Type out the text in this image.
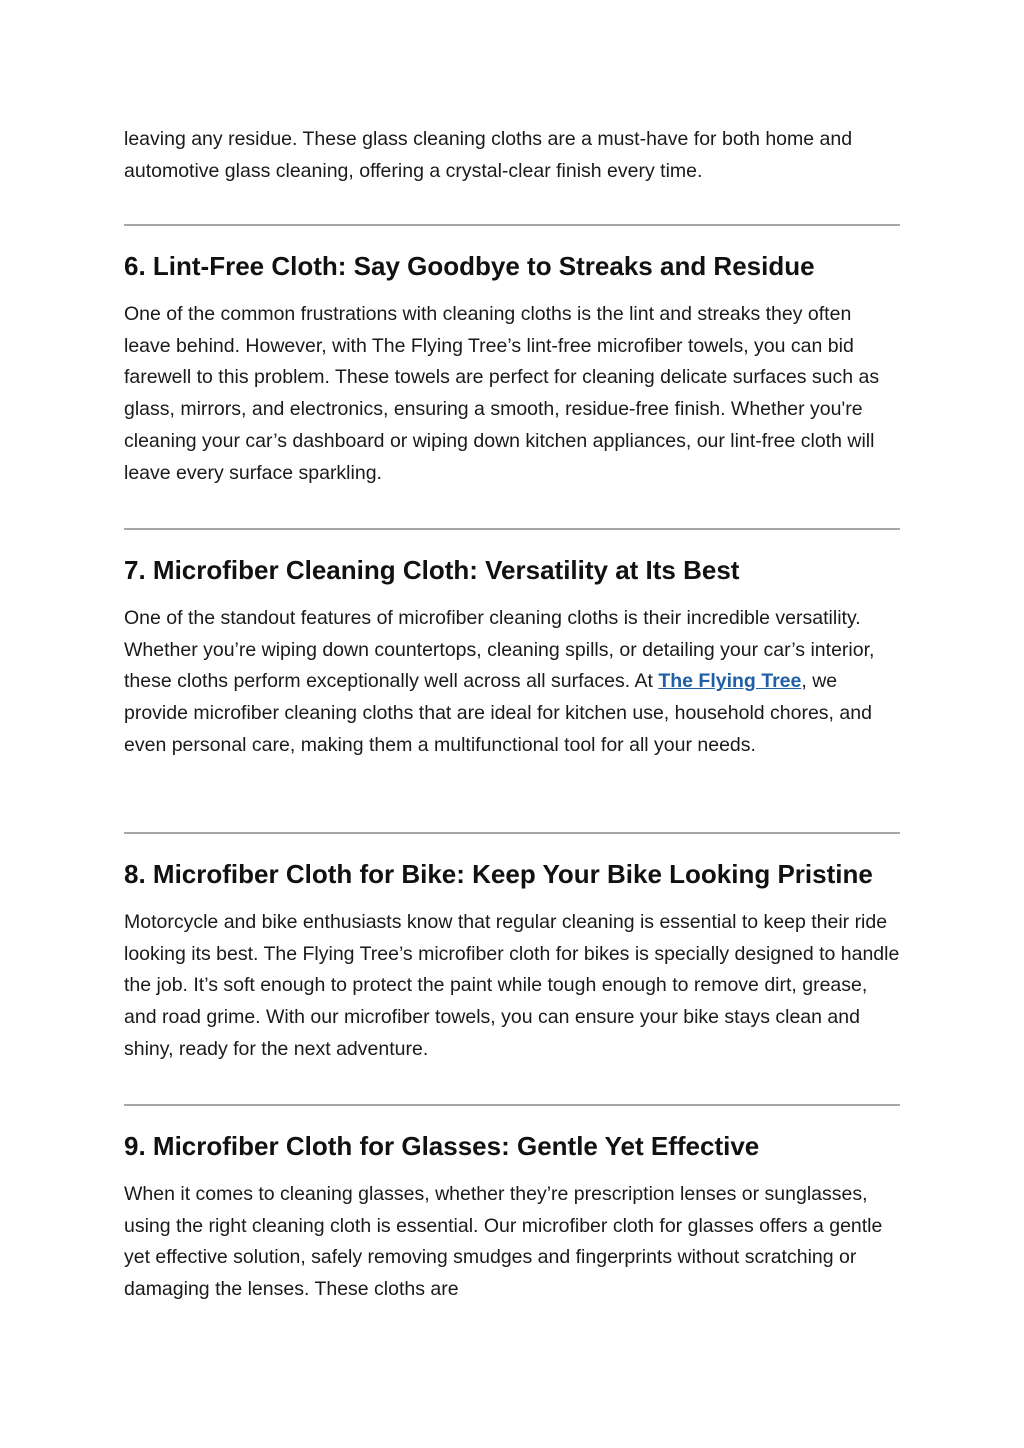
leaving any residue. These glass cleaning cloths are a must-have for both home and automotive glass cleaning, offering a crystal-clear finish every time.

6. Lint-Free Cloth: Say Goodbye to Streaks and Residue

One of the common frustrations with cleaning cloths is the lint and streaks they often leave behind. However, with The Flying Tree’s lint-free microfiber towels, you can bid farewell to this problem. These towels are perfect for cleaning delicate surfaces such as glass, mirrors, and electronics, ensuring a smooth, residue-free finish. Whether you're cleaning your car’s dashboard or wiping down kitchen appliances, our lint-free cloth will leave every surface sparkling.

7. Microfiber Cleaning Cloth: Versatility at Its Best

One of the standout features of microfiber cleaning cloths is their incredible versatility. Whether you’re wiping down countertops, cleaning spills, or detailing your car’s interior, these cloths perform exceptionally well across all surfaces. At The Flying Tree, we provide microfiber cleaning cloths that are ideal for kitchen use, household chores, and even personal care, making them a multifunctional tool for all your needs.

8. Microfiber Cloth for Bike: Keep Your Bike Looking Pristine

Motorcycle and bike enthusiasts know that regular cleaning is essential to keep their ride looking its best. The Flying Tree’s microfiber cloth for bikes is specially designed to handle the job. It’s soft enough to protect the paint while tough enough to remove dirt, grease, and road grime. With our microfiber towels, you can ensure your bike stays clean and shiny, ready for the next adventure.

9. Microfiber Cloth for Glasses: Gentle Yet Effective

When it comes to cleaning glasses, whether they’re prescription lenses or sunglasses, using the right cleaning cloth is essential. Our microfiber cloth for glasses offers a gentle yet effective solution, safely removing smudges and fingerprints without scratching or damaging the lenses. These cloths are
